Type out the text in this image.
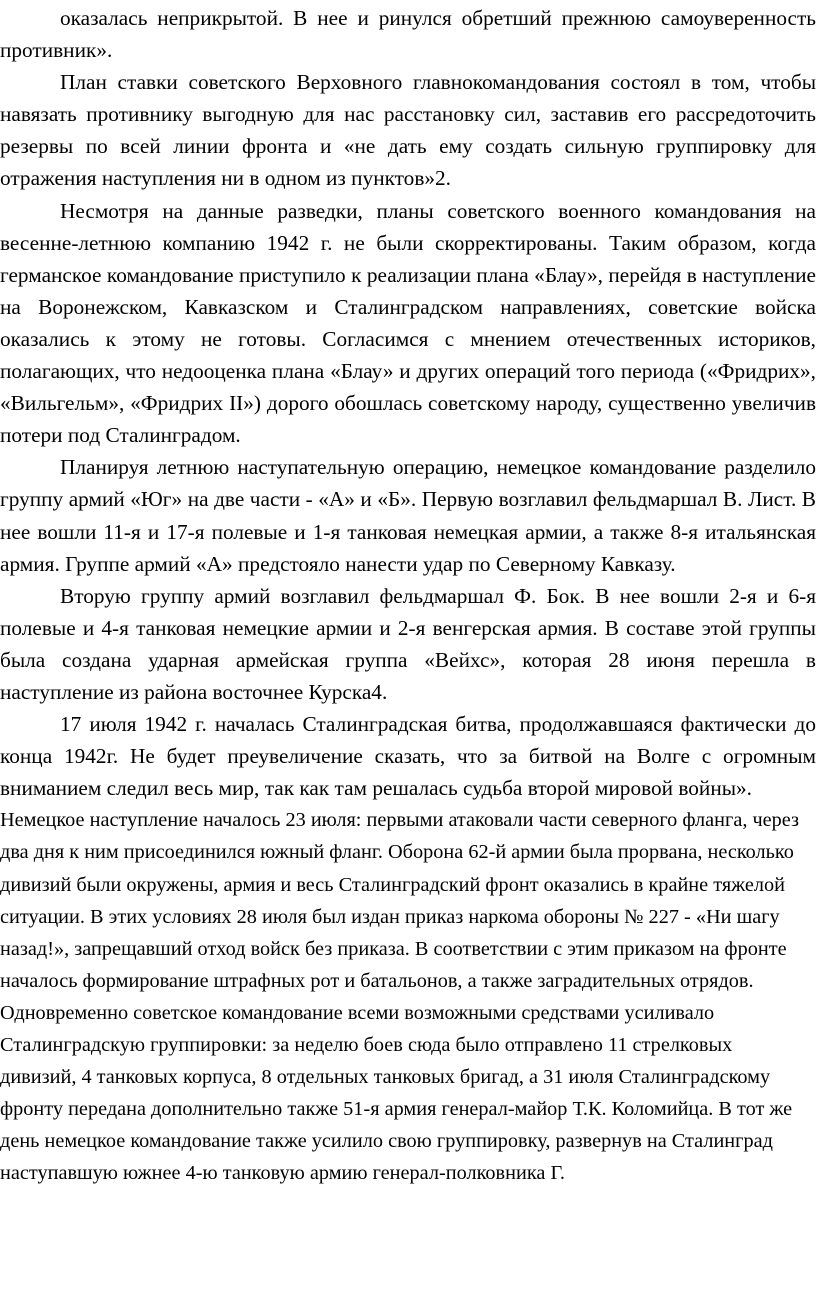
оказалась неприкрытой. В нее и ринулся обретший прежнюю самоуверенность противник».

План ставки советского Верховного главнокомандования состоял в том, чтобы навязать противнику выгодную для нас расстановку сил, заставив его рассредоточить резервы по всей линии фронта и «не дать ему создать сильную группировку для отражения наступления ни в одном из пунктов»2.

Несмотря на данные разведки, планы советского военного командования на весенне-летнюю компанию 1942 г. не были скорректированы. Таким образом, когда германское командование приступило к реализации плана «Блау», перейдя в наступление на Воронежском, Кавказском и Сталинградском направлениях, советские войска оказались к этому не готовы. Согласимся с мнением отечественных историков, полагающих, что недооценка плана «Блау» и других операций того периода («Фридрих», «Вильгельм», «Фридрих II») дорого обошлась советскому народу, существенно увеличив потери под Сталинградом.

Планируя летнюю наступательную операцию, немецкое командование разделило группу армий «Юг» на две части - «А» и «Б». Первую возглавил фельдмаршал В. Лист. В нее вошли 11-я и 17-я полевые и 1-я танковая немецкая армии, а также 8-я итальянская армия. Группе армий «А» предстояло нанести удар по Северному Кавказу.

Вторую группу армий возглавил фельдмаршал Ф. Бок. В нее вошли 2-я и 6-я полевые и 4-я танковая немецкие армии и 2-я венгерская армия. В составе этой группы была создана ударная армейская группа «Вейхс», которая 28 июня перешла в наступление из района восточнее Курска4.

17 июля 1942 г. началась Сталинградская битва, продолжавшаяся фактически до конца 1942г. Не будет преувеличение сказать, что за битвой на Волге с огромным вниманием следил весь мир, так как там решалась судьба второй мировой войны».

Немецкое наступление началось 23 июля: первыми атаковали части северного фланга, через два дня к ним присоединился южный фланг. Оборона 62-й армии была прорвана, несколько дивизий были окружены, армия и весь Сталинградский фронт оказались в крайне тяжелой ситуации. В этих условиях 28 июля был издан приказ наркома обороны № 227 - «Ни шагу назад!», запрещавший отход войск без приказа. В соответствии с этим приказом на фронте началось формирование штрафных рот и батальонов, а также заградительных отрядов. Одновременно советское командование всеми возможными средствами усиливало Сталинградскую группировки: за неделю боев сюда было отправлено 11 стрелковых дивизий, 4 танковых корпуса, 8 отдельных танковых бригад, а 31 июля Сталинградскому фронту передана дополнительно также 51-я армия генерал-майор Т.К. Коломийца. В тот же день немецкое командование также усилило свою группировку, развернув на Сталинград наступавшую южнее 4-ю танковую армию генерал-полковника Г.
